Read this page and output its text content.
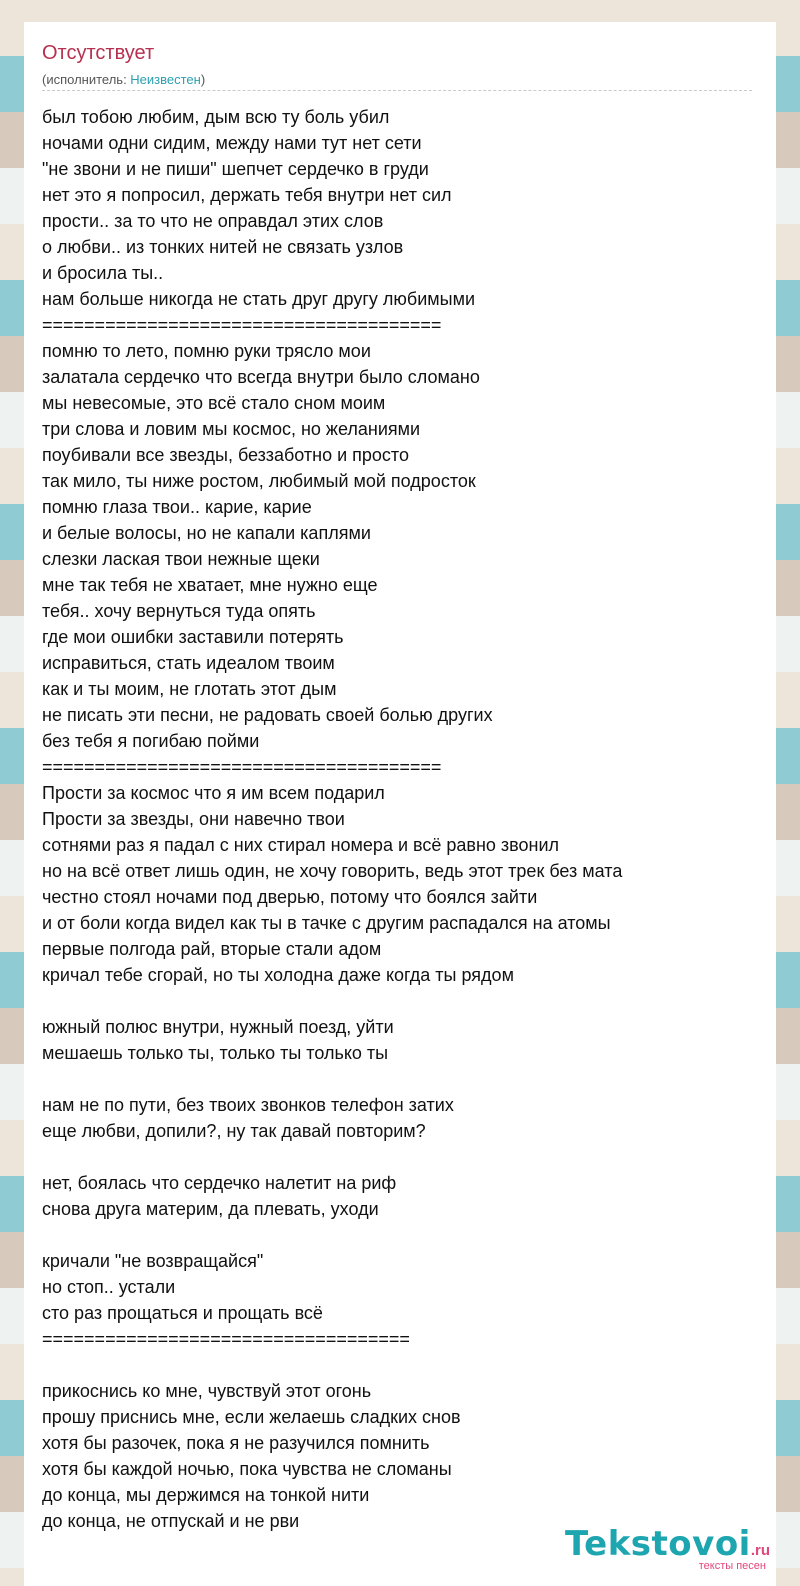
Отсутствует
(исполнитель: Неизвестен)
был тобою любим, дым всю ту боль убил
ночами одни сидим, между нами тут нет сети
"не звони и не пиши" шепчет сердечко в груди
нет это я попросил, держать тебя внутри нет сил
прости.. за то что не оправдал этих слов
о любви.. из тонких нитей не связать узлов
и бросила ты..
нам больше никогда не стать друг другу любимыми
======================================
помню то лето, помню руки трясло мои
залатала сердечко что всегда внутри было сломано
мы невесомые, это всё стало сном моим
три слова и ловим мы космос, но желаниями
поубивали все звезды, беззаботно и просто
так мило, ты ниже ростом, любимый мой подросток
помню глаза твои.. карие, карие
и белые волосы, но не капали каплями
слезки лаская твои нежные щеки
мне так тебя не хватает, мне нужно еще
тебя.. хочу вернуться туда опять
где мои ошибки заставили потерять
исправиться, стать идеалом твоим
как и ты моим, не глотать этот дым
не писать эти песни, не радовать своей болью других
без тебя я погибаю пойми
======================================
Прости за космос что я им всем подарил
Прости за звезды, они навечно твои
сотнями раз я падал с них стирал номера и всё равно звонил
но на всё ответ лишь один, не хочу говорить, ведь этот трек без мата
честно стоял ночами под дверью, потому что боялся зайти
и от боли когда видел как ты в тачке с другим распадался на атомы
первые полгода рай, вторые стали адом
кричал тебе сгорай, но ты холодна даже когда ты рядом
южный полюс внутри, нужный поезд, уйти
мешаешь только ты, только ты только ты
нам не по пути, без твоих звонков телефон затих
еще любви, допили?, ну так давай повторим?
нет, боялась что сердечко налетит на риф
снова друга материм, да плевать, уходи
кричали "не возвращайся"
но стоп.. устали
сто раз прощаться и прощать всё
===================================
прикоснись ко мне, чувствуй этот огонь
прошу приснись мне, если желаешь сладких снов
хотя бы разочек, пока я не разучился помнить
хотя бы каждой ночью, пока чувства не сломаны
до конца, мы держимся на тонкой нити
до конца, не отпускай и не рви
Tekstovoi.ru
тексты песен
